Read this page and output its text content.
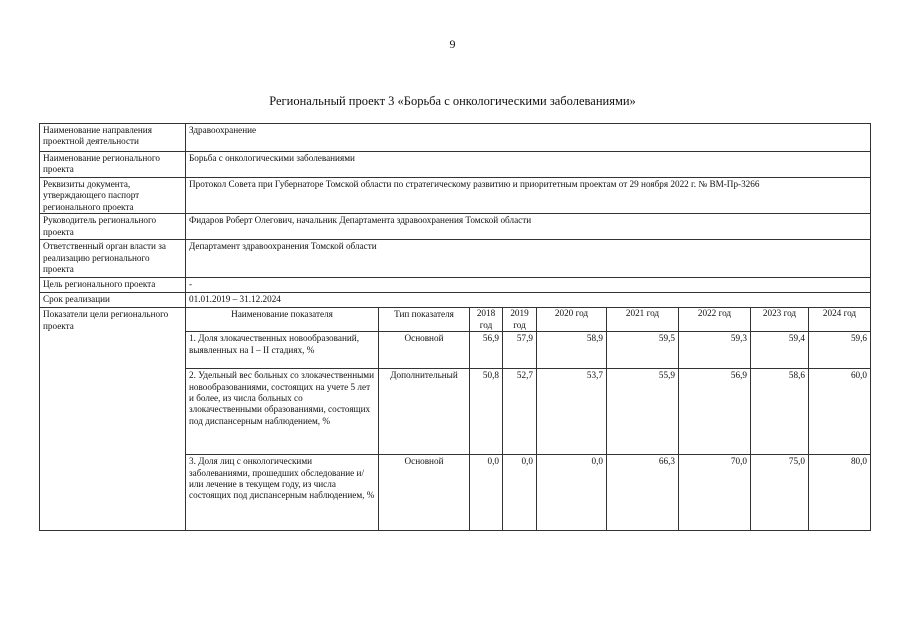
9
Региональный проект 3 «Борьба с онкологическими заболеваниями»
Наименование направления проектной деятельности	Здравоохранение								
Наименование регионального проекта	Борьба с онкологическими заболеваниями								
Реквизиты документа, утверждающего паспорт регионального проекта	Протокол Совета при Губернаторе Томской области по стратегическому развитию и приоритетным проектам от 29 ноября 2022 г. № ВМ-Пр-3266								
Руководитель регионального проекта	Фидаров Роберт Олегович, начальник Департамента здравоохранения Томской области								
Ответственный орган власти за реализацию регионального проекта	Департамент здравоохранения Томской области								
Цель регионального проекта	-								
Срок реализации	01.01.2019 – 31.12.2024								
Показатели цели регионального проекта	Наименование показателя	Тип показателя	2018 год	2019 год	2020 год	2021 год	2022 год	2023 год	2024 год
	1. Доля злокачественных новообразований, выявленных на I – II стадиях, %	Основной	56,9	57,9	58,9	59,5	59,3	59,4	59,6
	2. Удельный вес больных со злокачественными новообразованиями, состоящих на учете 5 лет и более, из числа больных со злокачественными образованиями, состоящих под диспансерным наблюдением, %	Дополнительный	50,8	52,7	53,7	55,9	56,9	58,6	60,0
	3. Доля лиц с онкологическими заболеваниями, прошедших обследование и/или лечение в текущем году, из числа состоящих под диспансерным наблюдением, %	Основной	0,0	0,0	0,0	66,3	70,0	75,0	80,0
